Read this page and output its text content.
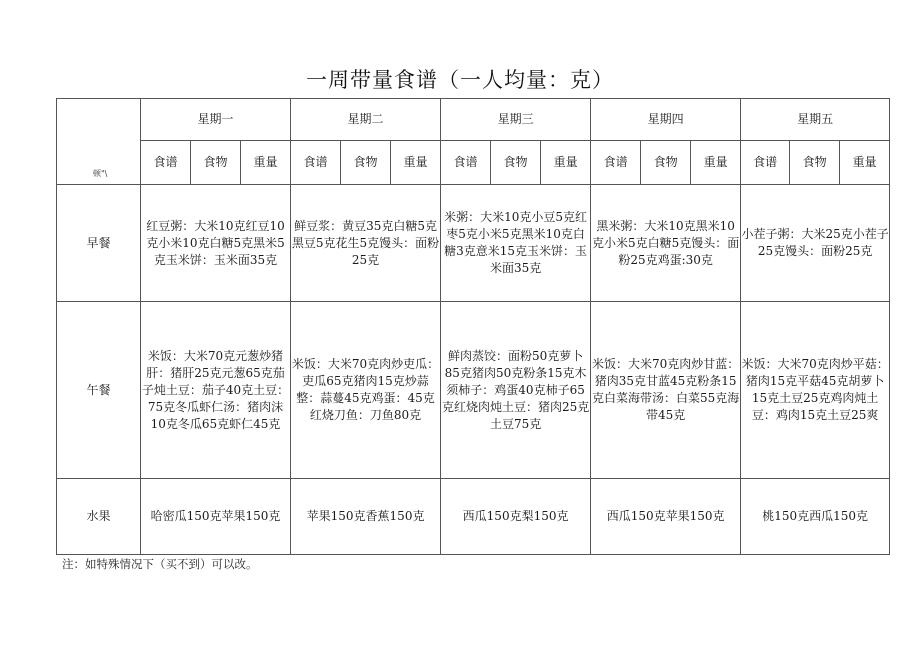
一周带量食谱（一人均量：克）
顿"\	星期一			星期二			星期三			星期四			星期五		
	食谱	食物	重量	食谱	食物	重量	食谱	食物	重量	食谱	食物	重量	食谱	食物	重量
早餐	红豆粥：大米10克红豆10克小米10克白糖5克黑米5克玉米饼：玉米面35克			鲜豆浆：黄豆35克白糖5克黑豆5克花生5克馒头：面粉25克			米粥：大米10克小豆5克红枣5克小米5克黑米10克白糖3克意米15克玉米饼：玉米面35克			黑米粥：大米10克黑米10克小米5克白糖5克馒头：面粉25克鸡蛋:30克			小茬子粥：大米25克小茬子25克馒头：面粉25克		
午餐	米饭：大米70克元葱炒猪肝：猪肝25克元葱65克茄子炖土豆：茄子40克土豆：75克冬瓜虾仁汤：猪肉沫10克冬瓜65克虾仁45克			米饭：大米70克肉炒吏瓜：吏瓜65克猪肉15克炒蒜整：蒜蔓45克鸡蛋：45克红烧刀鱼：刀鱼80克			鲜肉蒸饺：面粉50克萝卜85克猪肉50克粉条15克木须柿子：鸡蛋40克柿子65克红烧肉炖土豆：猪肉25克土豆75克			米饭：大米70克肉炒甘蓝：猪肉35克甘蓝45克粉条15克白菜海带汤：白菜55克海带45克			米饭：大米70克肉炒平菇：猪肉15克平菇45克胡萝卜15克土豆25克鸡肉炖土豆：鸡肉15克土豆25爽		
水果	哈密瓜150克苹果150克			苹果150克香蕉150克			西瓜150克梨150克			西瓜150克苹果150克			桃150克西瓜150克		
注：如特殊情况下（买不到）可以改。
